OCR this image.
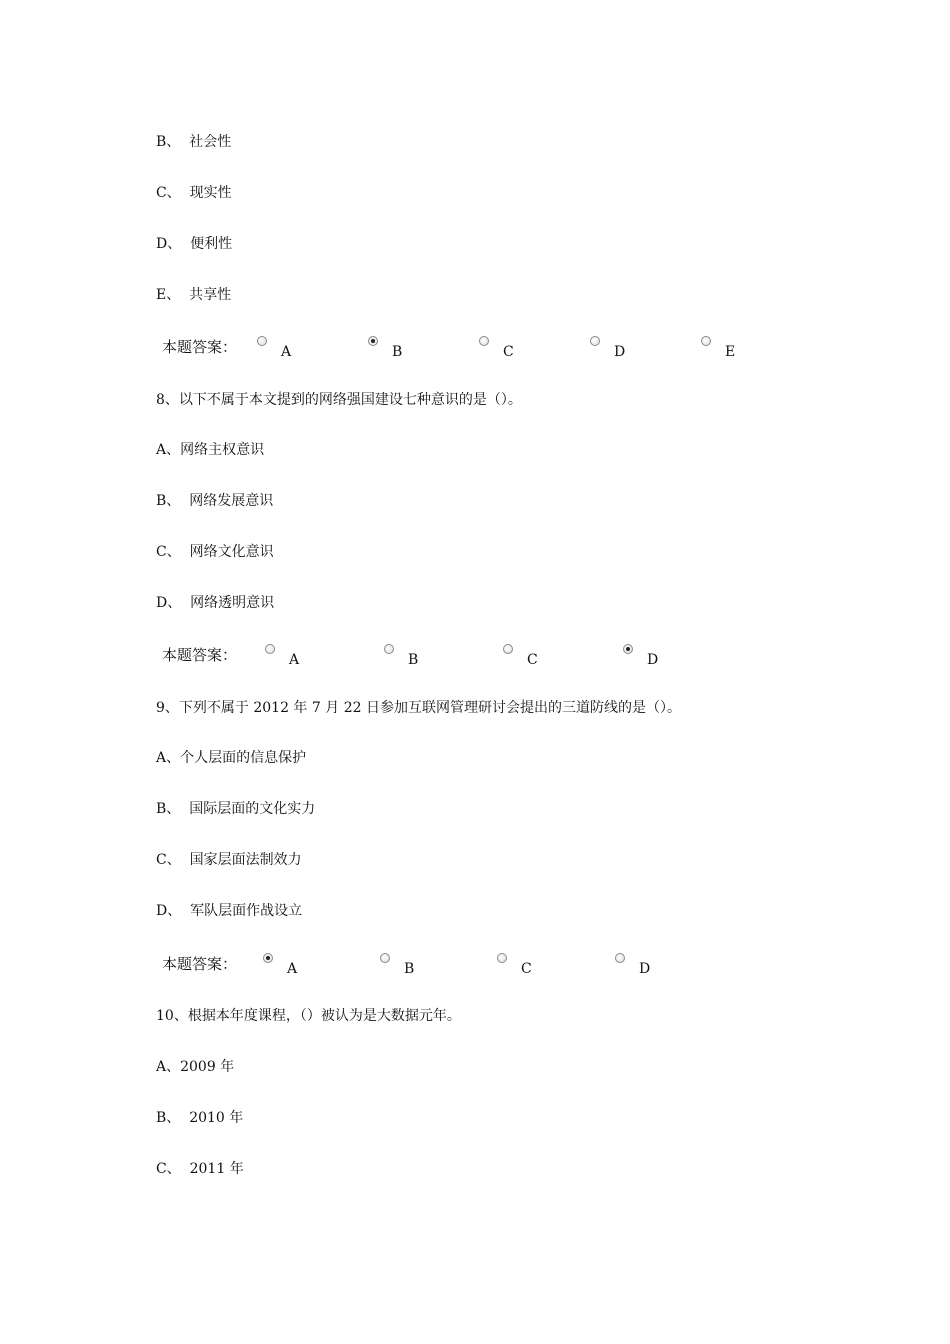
B、  社会性
C、  现实性
D、  便利性
E、  共享性
本题答案：	A	B	C	D	E
8、以下不属于本文提到的网络强国建设七种意识的是（）。
A、网络主权意识
B、  网络发展意识
C、  网络文化意识
D、  网络透明意识
本题答案：	A	B	C	D
9、下列不属于 2012 年 7 月 22 日参加互联网管理研讨会提出的三道防线的是（）。
A、个人层面的信息保护
B、  国际层面的文化实力
C、  国家层面法制效力
D、  军队层面作战设立
本题答案：	A	B	C	D
10、根据本年度课程，（）被认为是大数据元年。
A、2009 年
B、  2010 年
C、  2011 年
